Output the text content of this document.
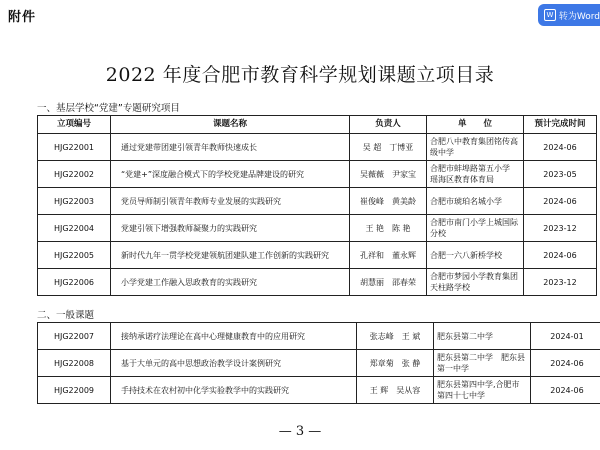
附件	W 转为Word
2022 年度合肥市教育科学规划课题立项目录
一、基层学校“党建”专题研究项目
立项编号	课题名称	负责人	单　　位	预计完成时间
HJG22001	通过党建带团建引领青年教师快速成长	吴 超　丁博亚	合肥八中教育集团铭传高级中学	2024-06
HJG22002	“党建+”深度融合模式下的学校党建品牌建设的研究	吴薇薇　尹家宝	合肥市蚌埠路第五小学　瑶海区教育体育局	2023-05
HJG22003	党员导师制引领青年教师专业发展的实践研究	崔俊峰　黄美龄	合肥市琥珀名城小学	2024-06
HJG22004	党建引领下增强教师凝聚力的实践研究	王 艳　陈 艳	合肥市南门小学上城国际分校	2023-12
HJG22005	新时代九年一贯学校党建领航团建队建工作创新的实践研究	孔祥和　董永辉	合肥一六八新桥学校	2024-06
HJG22006	小学党建工作融入思政教育的实践研究	胡慧丽　邵春荣	合肥市梦园小学教育集团天柱路学校	2023-12
二、一般课题
HJG22007	接纳承诺疗法理论在高中心理健康教育中的应用研究	张志峰　王 斌	肥东县第二中学	2024-01
HJG22008	基于大单元的高中思想政治教学设计案例研究	郑章菊　张 静	肥东县第二中学　肥东县第一中学	2024-06
HJG22009	手持技术在农村初中化学实验教学中的实践研究	王 辉　吴从容	肥东县第四中学,合肥市第四十七中学	2024-06
— 3 —
